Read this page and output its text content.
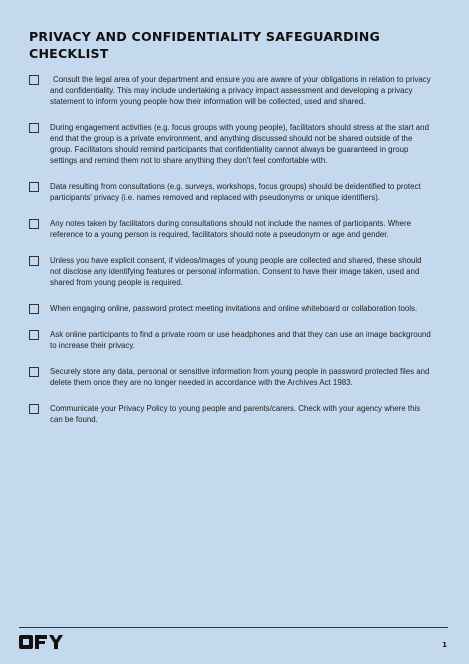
PRIVACY AND CONFIDENTIALITY SAFEGUARDING CHECKLIST
Consult the legal area of your department and ensure you are aware of your obligations in relation to privacy and confidentiality. This may include undertaking a privacy impact assessment and developing a privacy statement to inform young people how their information will be collected, used and shared.
During engagement activities (e.g. focus groups with young people), facilitators should stress at the start and end that the group is a private environment, and anything discussed should not be shared outside of the group. Facilitators should remind participants that confidentiality cannot always be guaranteed in group settings and remind them not to share anything they don't feel comfortable with.
Data resulting from consultations (e.g. surveys, workshops, focus groups) should be deidentified to protect participants' privacy (i.e. names removed and replaced with pseudonyms or unique identifiers).
Any notes taken by facilitators during consultations should not include the names of participants. Where reference to a young person is required, facilitators should note a pseudonym or age and gender.
Unless you have explicit consent, if videos/images of young people are collected and shared, these should not disclose any identifying features or personal information. Consent to have their image taken, used and shared from young people is required.
When engaging online, password protect meeting invitations and online whiteboard or collaboration tools.
Ask online participants to find a private room or use headphones and that they can use an image background to increase their privacy.
Securely store any data, personal or sensitive information from young people in password protected files and delete them once they are no longer needed in accordance with the Archives Act 1983.
Communicate your Privacy Policy to young people and parents/carers. Check with your agency where this can be found.
1
